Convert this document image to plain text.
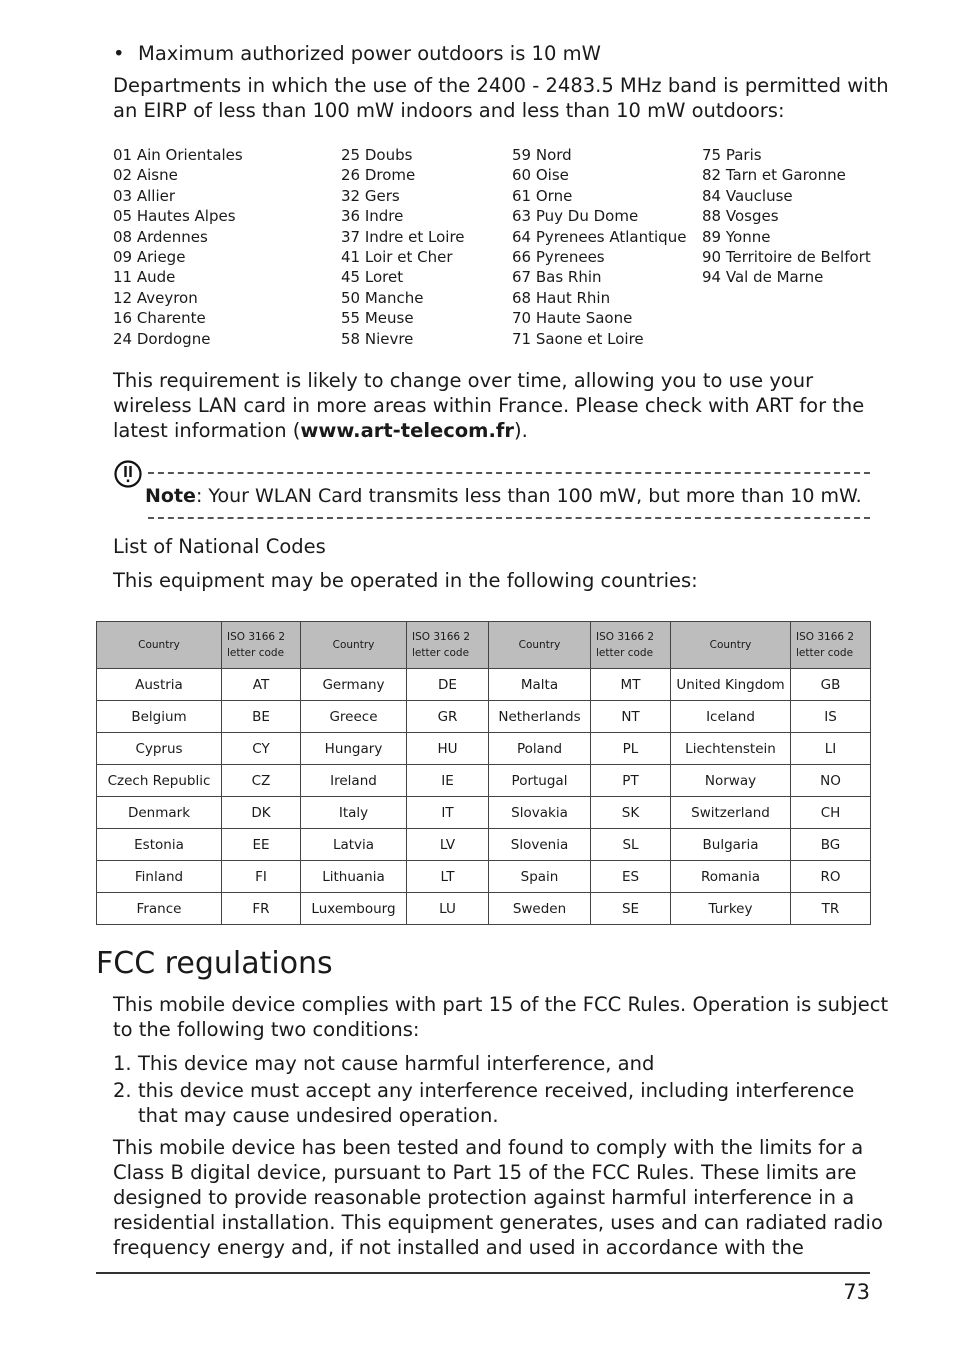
• Maximum authorized power outdoors is 10 mW
Departments in which the use of the 2400 - 2483.5 MHz band is permitted with an EIRP of less than 100 mW indoors and less than 10 mW outdoors:
01 Ain Orientales
02 Aisne
03 Allier
05 Hautes Alpes
08 Ardennes
09 Ariege
11 Aude
12 Aveyron
16 Charente
24 Dordogne
25 Doubs
26 Drome
32 Gers
36 Indre
37 Indre et Loire
41 Loir et Cher
45 Loret
50 Manche
55 Meuse
58 Nievre
59 Nord
60 Oise
61 Orne
63 Puy Du Dome
64 Pyrenees Atlantique
66 Pyrenees
67 Bas Rhin
68 Haut Rhin
70 Haute Saone
71 Saone et Loire
75 Paris
82 Tarn et Garonne
84 Vaucluse
88 Vosges
89 Yonne
90 Territoire de Belfort
94 Val de Marne
This requirement is likely to change over time, allowing you to use your wireless LAN card in more areas within France. Please check with ART for the latest information (www.art-telecom.fr).
Note: Your WLAN Card transmits less than 100 mW, but more than 10 mW.
List of National Codes
This equipment may be operated in the following countries:
Country	ISO 3166 2 letter code	Country	ISO 3166 2 letter code	Country	ISO 3166 2 letter code	Country	ISO 3166 2 letter code
Austria	AT	Germany	DE	Malta	MT	United Kingdom	GB
Belgium	BE	Greece	GR	Netherlands	NT	Iceland	IS
Cyprus	CY	Hungary	HU	Poland	PL	Liechtenstein	LI
Czech Republic	CZ	Ireland	IE	Portugal	PT	Norway	NO
Denmark	DK	Italy	IT	Slovakia	SK	Switzerland	CH
Estonia	EE	Latvia	LV	Slovenia	SL	Bulgaria	BG
Finland	FI	Lithuania	LT	Spain	ES	Romania	RO
France	FR	Luxembourg	LU	Sweden	SE	Turkey	TR
FCC regulations
This mobile device complies with part 15 of the FCC Rules. Operation is subject to the following two conditions:
1. This device may not cause harmful interference, and
2. this device must accept any interference received, including interference that may cause undesired operation.
This mobile device has been tested and found to comply with the limits for a Class B digital device, pursuant to Part 15 of the FCC Rules. These limits are designed to provide reasonable protection against harmful interference in a residential installation. This equipment generates, uses and can radiated radio frequency energy and, if not installed and used in accordance with the
73
